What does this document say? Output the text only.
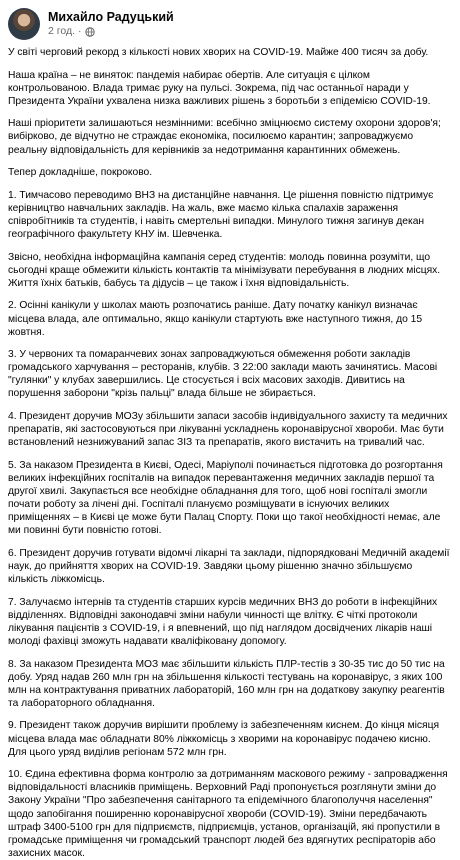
Михайло Радуцький
2 год. ·

У світі черговий рекорд з кількості нових хворих на COVID-19. Майже 400 тисяч за добу.

Наша країна – не виняток: пандемія набирає обертів. Але ситуація є цілком контрольованою. Влада тримає руку на пульсі. Зокрема, під час останньої наради у Президента України ухвалена низка важливих рішень з боротьби з епідемією COVID-19.

Наші пріоритети залишаються незмінними: всебічно зміцнюємо систему охорони здоров'я; вибірково, де відчутно не страждає економіка, посилюємо карантин; запроваджуємо реальну відповідальність для керівників за недотримання карантинних обмежень.

Тепер докладніше, покроково.

1. Тимчасово переводимо ВНЗ на дистанційне навчання. Це рішення повністю підтримує керівництво навчальних закладів. На жаль, вже маємо кілька спалахів зараження співробітників та студентів, і навіть смертельні випадки. Минулого тижня загинув декан географічного факультету КНУ ім. Шевченка.

Звісно, необхідна інформаційна кампанія серед студентів: молодь повинна розуміти, що сьогодні краще обмежити кількість контактів та мінімізувати перебування в людних місцях. Життя їхніх батьків, бабусь та дідусів – це також і їхня відповідальність.

2. Осінні канікули у школах мають розпочатись раніше. Дату початку канікул визначає місцева влада, але оптимально, якщо канікули стартують вже наступного тижня, до 15 жовтня.

3. У червоних та помаранчевих зонах запроваджуються обмеження роботи закладів громадського харчування – ресторанів, клубів. З 22:00 заклади мають зачинятись. Масові "гулянки" у клубах завершились. Це стосується і всіх масових заходів. Дивитись на порушення заборони "крізь пальці" влада більше не збирається.

4. Президент доручив МОЗу збільшити запаси засобів індивідуального захисту та медичних препаратів, які застосовуються при лікуванні ускладнень коронавірусної хвороби. Має бути встановлений незнижуваний запас ЗІЗ та препаратів, якого вистачить на тривалий час.

5. За наказом Президента в Києві, Одесі, Маріуполі починається підготовка до розгортання великих інфекційних госпіталів на випадок перевантаження медичних закладів першої та другої хвилі. Закупається все необхідне обладнання для того, щоб нові госпіталі змогли почати роботу за лічені дні. Госпіталі плануємо розміщувати в існуючих великих приміщеннях – в Києві це може бути Палац Спорту. Поки що такої необхідності немає, але ми повинні бути повністю готові.

6. Президент доручив готувати відомчі лікарні та заклади, підпорядковані Медичній академії наук, до прийняття хворих на COVID-19. Завдяки цьому рішенню значно збільшуємо кількість ліжкомісць.

7. Залучаємо інтернів та студентів старших курсів медичних ВНЗ до роботи в інфекційних відділеннях. Відповідні законодавчі зміни набули чинності ще влітку. Є чіткі протоколи лікування пацієнтів з COVID-19, і я впевнений, що під наглядом досвідчених лікарів наші молоді фахівці зможуть надавати кваліфіковану допомогу.

8. За наказом Президента МОЗ має збільшити кількість ПЛР-тестів з 30-35 тис до 50 тис на добу. Уряд надав 260 млн грн на збільшення кількості тестувань на коронавірус, з яких 100 млн на контрактування приватних лабораторій, 160 млн грн на додаткову закупку реагентів та лабораторного обладнання.

9. Президент також доручив вирішити проблему із забезпеченням киснем. До кінця місяця місцева влада має обладнати 80% ліжкомісць з хворими на коронавірус подачею кисню. Для цього уряд виділив регіонам 572 млн грн.

10. Єдина ефективна форма контролю за дотриманням маскового режиму - запровадження відповідальності власників приміщень. Верховний Раді пропонується розглянути зміни до Закону України "Про забезпечення санітарного та епідемічного благополуччя населення" щодо запобігання поширенню коронавірусної хвороби (COVID-19). Зміни передбачають штраф 3400-5100 грн для підприємств, підприємців, установ, організацій, які пропустили в громадське приміщення чи громадський транспорт людей без вдягнутих респіраторів або захисних масок.
